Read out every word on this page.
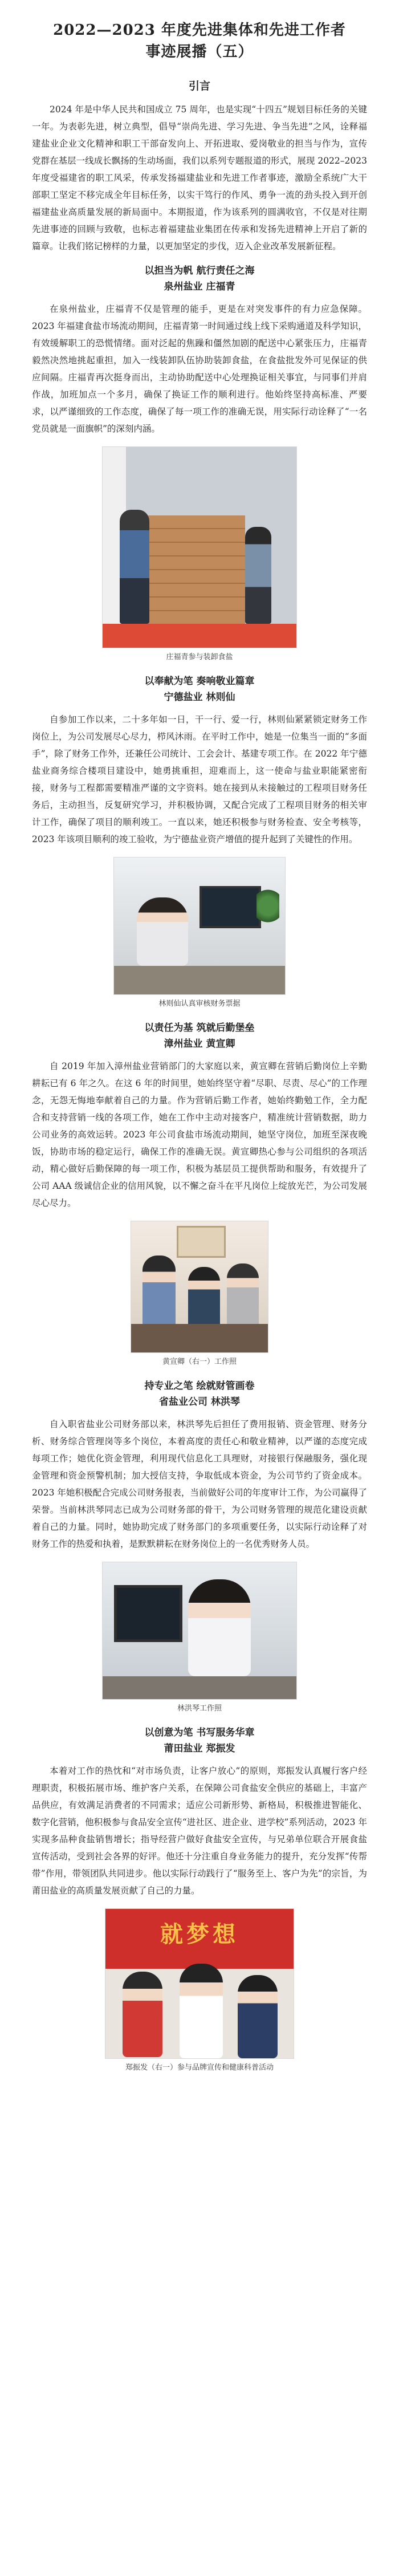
2022—2023 年度先进集体和先进工作者
事迹展播（五）
引言

2024 年是中华人民共和国成立 75 周年，也是实现“十四五”规划目标任务的关键一年。为表彰先进，树立典型，倡导“崇尚先进、学习先进、争当先进”之风，诠释福建盐业企业文化精神和职工干部奋发向上、开拓进取、爱岗敬业的担当与作为，宣传党群在基层一线成长飘扬的生动场面，我们以系列专题报道的形式，展现 2022–2023 年度受福建省的职工风采，传承发扬福建盐业和先进工作者事迹，激励全系统广大干部职工坚定不移完成全年目标任务，以实干笃行的作风、勇争一流的劲头投入到开创福建盐业高质量发展的新局面中。本期报道，作为该系列的圆满收官，不仅是对往期先进事迹的回顾与致敬，也标志着福建盐业集团在传承和发扬先进精神上开启了新的篇章。让我们铭记榜样的力量，以更加坚定的步伐，迈入企业改革发展新征程。

以担当为帆 航行责任之海
泉州盐业 庄福青

在泉州盐业，庄福青不仅是管理的能手，更是在对突发事件的有力应急保障。2023 年福建食盐市场流动期间，庄福青第一时间通过线上线下采购通道及科学知识，有效缓解职工的恐慌情绪。面对泛起的焦躁和僵然加剧的配送中心紧张压力，庄福青毅然决然地挑起重担，加入一线装卸队伍协助装卸食盐，在食盐批发外可见保证的供应间隔。庄福青再次挺身而出，主动协助配送中心处理换证相关事宜，与同事们并肩作战，加班加点一个多月，确保了换证工作的顺利进行。他始终坚持高标准、严要求，以严谨细致的工作态度，确保了每一项工作的准确无误，用实际行动诠释了“一名党员就是一面旗帜”的深刻内涵。

庄福青参与装卸食盐
以奉献为笔 奏响敬业篇章
宁德盐业 林则仙

自参加工作以来，二十多年如一日，干一行、爱一行，林则仙紧紧锁定财务工作岗位上，为公司发展尽心尽力，栉风沐雨。在平时工作中，她是一位集当一面的“多面手”，除了财务工作外，还兼任公司统计、工会会计、基建专项工作。在 2022 年宁德盐业商务综合楼项目建设中，她勇挑重担，迎难而上，这一使命与盐业职能紧密衔接，财务与工程都需要精准严谨的文字资料。她在接到从未接触过的工程项目财务任务后，主动担当，反复研究学习，并积极协调，又配合完成了工程项目财务的相关审计工作，确保了项目的顺利竣工。一直以来，她还积极参与财务检查、安全考核等，2023 年该项目顺利的竣工验收，为宁德盐业资产增值的提升起到了关键性的作用。

林则仙认真审核财务票据
以责任为基 筑就后勤堡垒
漳州盐业 黄宣卿

自 2019 年加入漳州盐业营销部门的大家庭以来，黄宣卿在营销后勤岗位上辛勤耕耘已有 6 年之久。在这 6 年的时间里，她始终坚守着“尽职、尽责、尽心”的工作理念，无怨无悔地奉献着自己的力量。作为营销后勤工作者，她始终勤勉工作，全力配合和支持营销一线的各项工作，她在工作中主动对接客户，精准统计营销数据，助力公司业务的高效运转。2023 年公司食盐市场流动期间，她坚守岗位，加班至深夜晚饭，协助市场的稳定运行，确保工作的准确无误。黄宣卿热心参与公司组织的各项活动，精心做好后勤保障的每一项工作，积极为基层员工提供帮助和服务，有效提升了公司 AAA 级诚信企业的信用风貌，以不懈之奋斗在平凡岗位上绽放光芒，为公司发展尽心尽力。

黄宣卿（右一）工作照
持专业之笔 绘就财管画卷
省盐业公司 林洪琴

自入职省盐业公司财务部以来，林洪琴先后担任了费用报销、资金管理、财务分析、财务综合管理岗等多个岗位，本着高度的责任心和敬业精神，以严谨的态度完成每项工作；她优化资金管理，利用现代信息化工具理财，对接银行保融服务，强化现金管理和资金预警机制；加大授信支持，争取低成本资金，为公司节约了资金成本。2023 年她积极配合完成公司财务报表，当前做好公司的年度审计工作，为公司赢得了荣誉。当前林洪琴同志已成为公司财务部的骨干，为公司财务管理的规范化建设贡献着自己的力量。同时，她协助完成了财务部门的多项重要任务，以实际行动诠释了对财务工作的热爱和执着，是默默耕耘在财务岗位上的一名优秀财务人员。

林洪琴工作照
以创意为笔 书写服务华章
莆田盐业 郑振发

本着对工作的热忱和“对市场负责，让客户放心”的原则，郑振发认真履行客户经理职责，积极拓展市场、维护客户关系，在保障公司食盐安全供应的基础上，丰富产品供应，有效满足消费者的不同需求；适应公司新形势、新格局，积极推进智能化、数字化营销，他积极参与食品安全宣传“进社区、进企业、进学校”系列活动，2023 年实现多品种食盐销售增长；指导经营户做好食盐安全宣传，与兄弟单位联合开展食盐宣传活动，受到社会各界的好评。他还十分注重自身业务能力的提升，充分发挥“传帮带”作用，带领团队共同进步。他以实际行动践行了“服务至上、客户为先”的宗旨，为莆田盐业的高质量发展贡献了自己的力量。

就梦想
郑振发（右一）参与品牌宣传和健康科普活动
